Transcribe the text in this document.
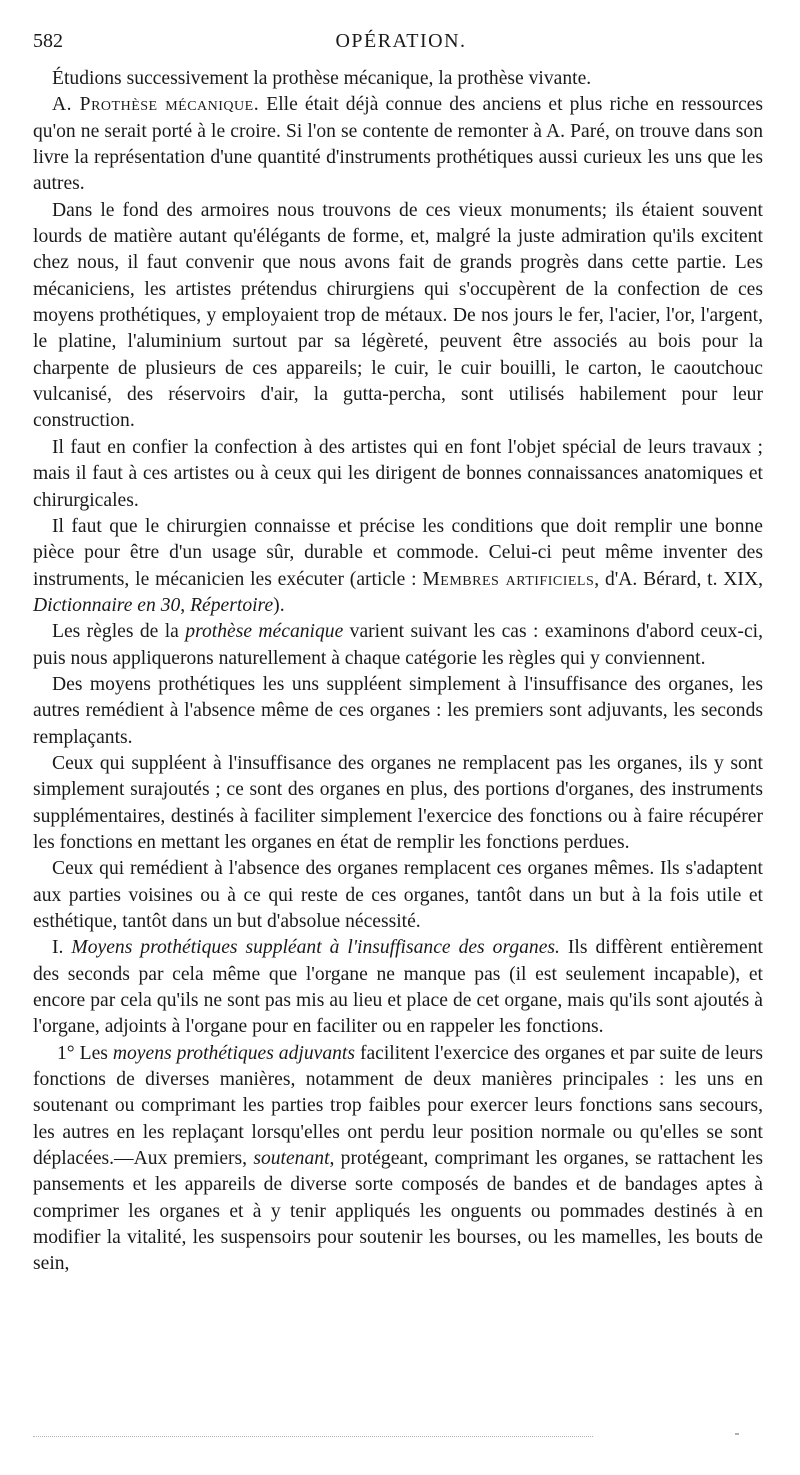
582	OPÉRATION.

Étudions successivement la prothèse mécanique, la prothèse vivante.

A. Prothèse mécanique. Elle était déjà connue des anciens et plus riche en ressources qu'on ne serait porté à le croire. Si l'on se contente de remonter à A. Paré, on trouve dans son livre la représentation d'une quantité d'instruments prothétiques aussi curieux les uns que les autres.

Dans le fond des armoires nous trouvons de ces vieux monuments; ils étaient souvent lourds de matière autant qu'élégants de forme, et, malgré la juste admiration qu'ils excitent chez nous, il faut convenir que nous avons fait de grands progrès dans cette partie. Les mécaniciens, les artistes prétendus chirurgiens qui s'occupèrent de la confection de ces moyens prothétiques, y employaient trop de métaux. De nos jours le fer, l'acier, l'or, l'argent, le platine, l'aluminium surtout par sa légèreté, peuvent être associés au bois pour la charpente de plusieurs de ces appareils; le cuir, le cuir bouilli, le carton, le caoutchouc vulcanisé, des réservoirs d'air, la gutta-percha, sont utilisés habilement pour leur construction.

Il faut en confier la confection à des artistes qui en font l'objet spécial de leurs travaux ; mais il faut à ces artistes ou à ceux qui les dirigent de bonnes connaissances anatomiques et chirurgicales.

Il faut que le chirurgien connaisse et précise les conditions que doit remplir une bonne pièce pour être d'un usage sûr, durable et commode. Celui-ci peut même inventer des instruments, le mécanicien les exécuter (article : Membres artificiels, d'A. Bérard, t. XIX, Dictionnaire en 30, Répertoire).

Les règles de la prothèse mécanique varient suivant les cas : examinons d'abord ceux-ci, puis nous appliquerons naturellement à chaque catégorie les règles qui y conviennent.

Des moyens prothétiques les uns suppléent simplement à l'insuffisance des organes, les autres remédient à l'absence même de ces organes : les premiers sont adjuvants, les seconds remplaçants.

Ceux qui suppléent à l'insuffisance des organes ne remplacent pas les organes, ils y sont simplement surajoutés ; ce sont des organes en plus, des portions d'organes, des instruments supplémentaires, destinés à faciliter simplement l'exercice des fonctions ou à faire récupérer les fonctions en mettant les organes en état de remplir les fonctions perdues.

Ceux qui remédient à l'absence des organes remplacent ces organes mêmes. Ils s'adaptent aux parties voisines ou à ce qui reste de ces organes, tantôt dans un but à la fois utile et esthétique, tantôt dans un but d'absolue nécessité.

I. Moyens prothétiques suppléant à l'insuffisance des organes. Ils diffèrent entièrement des seconds par cela même que l'organe ne manque pas (il est seulement incapable), et encore par cela qu'ils ne sont pas mis au lieu et place de cet organe, mais qu'ils sont ajoutés à l'organe, adjoints à l'organe pour en faciliter ou en rappeler les fonctions.

1° Les moyens prothétiques adjuvants facilitent l'exercice des organes et par suite de leurs fonctions de diverses manières, notamment de deux manières principales : les uns en soutenant ou comprimant les parties trop faibles pour exercer leurs fonctions sans secours, les autres en les replaçant lorsqu'elles ont perdu leur position normale ou qu'elles se sont déplacées.—Aux premiers, soutenant, protégeant, comprimant les organes, se rattachent les pansements et les appareils de diverse sorte composés de bandes et de bandages aptes à comprimer les organes et à y tenir appliqués les onguents ou pommades destinés à en modifier la vitalité, les suspensoirs pour soutenir les bourses, ou les mamelles, les bouts de sein,
